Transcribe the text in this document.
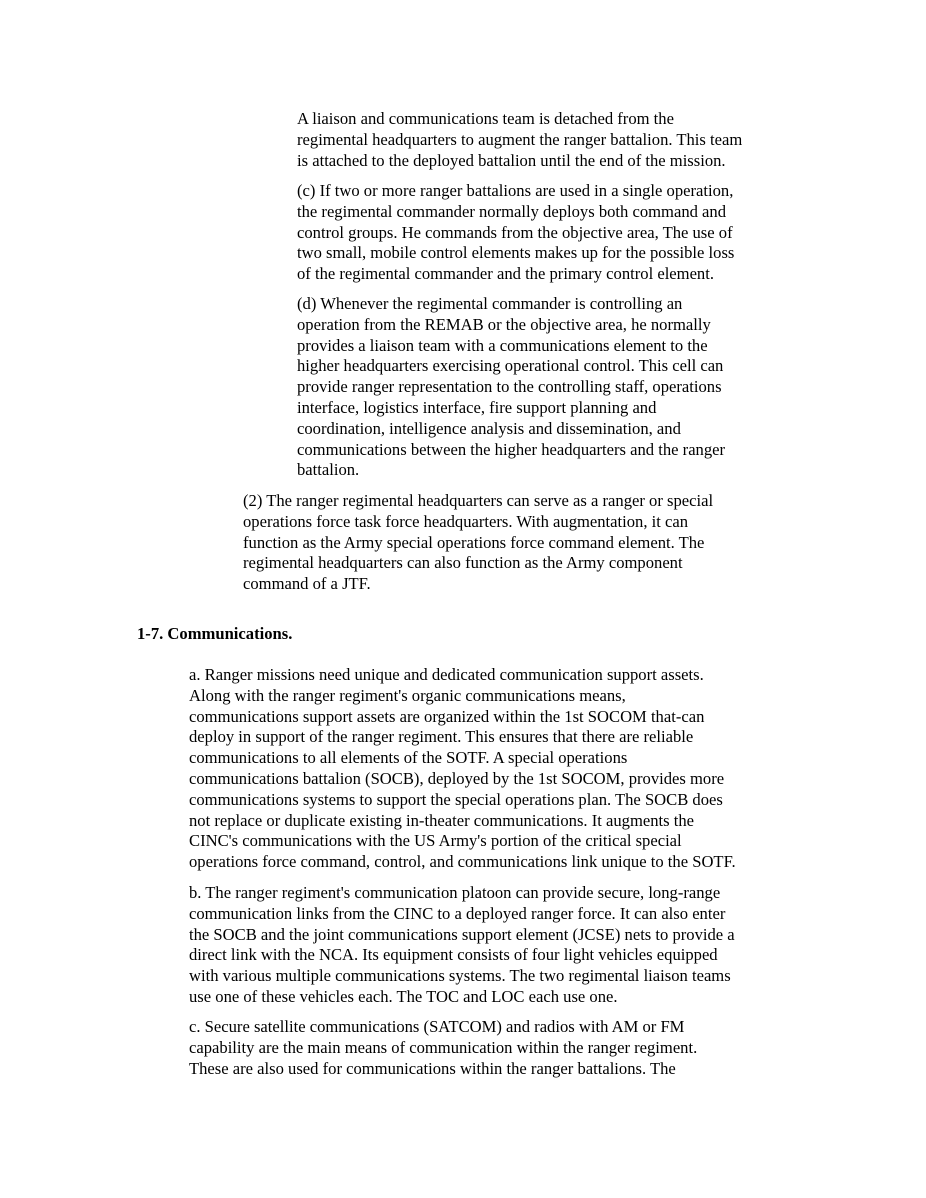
A liaison and communications team is detached from the
regimental headquarters to augment the ranger battalion. This team
is attached to the deployed battalion until the end of the mission.
(c) If two or more ranger battalions are used in a single operation,
the regimental commander normally deploys both command and
control groups. He commands from the objective area, The use of
two small, mobile control elements makes up for the possible loss
of the regimental commander and the primary control element.
(d) Whenever the regimental commander is controlling an
operation from the REMAB or the objective area, he normally
provides a liaison team with a communications element to the
higher headquarters exercising operational control. This cell can
provide ranger representation to the controlling staff, operations
interface, logistics interface, fire support planning and
coordination, intelligence analysis and dissemination, and
communications between the higher headquarters and the ranger
battalion.
(2) The ranger regimental headquarters can serve as a ranger or special
operations force task force headquarters. With augmentation, it can
function as the Army special operations force command element. The
regimental headquarters can also function as the Army component
command of a JTF.
1-7. Communications.
a. Ranger missions need unique and dedicated communication support assets.
Along with the ranger regiment's organic communications means,
communications support assets are organized within the 1st SOCOM that-can
deploy in support of the ranger regiment. This ensures that there are reliable
communications to all elements of the SOTF. A special operations
communications battalion (SOCB), deployed by the 1st SOCOM, provides more
communications systems to support the special operations plan. The SOCB does
not replace or duplicate existing in-theater communications. It augments the
CINC's communications with the US Army's portion of the critical special
operations force command, control, and communications link unique to the SOTF.
b. The ranger regiment's communication platoon can provide secure, long-range
communication links from the CINC to a deployed ranger force. It can also enter
the SOCB and the joint communications support element (JCSE) nets to provide a
direct link with the NCA. Its equipment consists of four light vehicles equipped
with various multiple communications systems. The two regimental liaison teams
use one of these vehicles each. The TOC and LOC each use one.
c. Secure satellite communications (SATCOM) and radios with AM or FM
capability are the main means of communication within the ranger regiment.
These are also used for communications within the ranger battalions. The
